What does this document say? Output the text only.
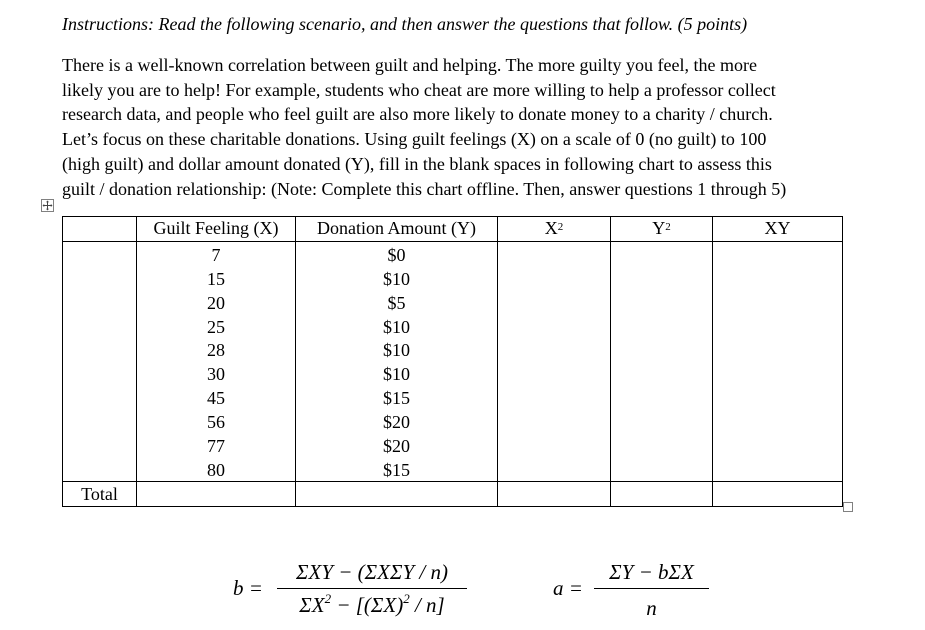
Instructions: Read the following scenario, and then answer the questions that follow. (5 points)
There is a well-known correlation between guilt and helping. The more guilty you feel, the more
likely you are to help! For example, students who cheat are more willing to help a professor collect
research data, and people who feel guilt are also more likely to donate money to a charity / church.
Let’s focus on these charitable donations. Using guilt feelings (X) on a scale of 0 (no guilt) to 100
(high guilt) and dollar amount donated (Y), fill in the blank spaces in following chart to assess this
guilt / donation relationship: (Note: Complete this chart offline. Then, answer questions 1 through 5)
	Guilt Feeling (X)	Donation Amount (Y)	$X^2$	$Y^2$	XY
	7	$0			
	15	$10			
	20	$5			
	25	$10			
	28	$10			
	30	$10			
	45	$15			
	56	$20			
	77	$20			
	80	$15			
Total					
b =
ΣXY − (ΣXΣY / n)
$\Sigma X^2 - [(\Sigma X)^2 / n]$
a =
ΣY − bΣX
n
